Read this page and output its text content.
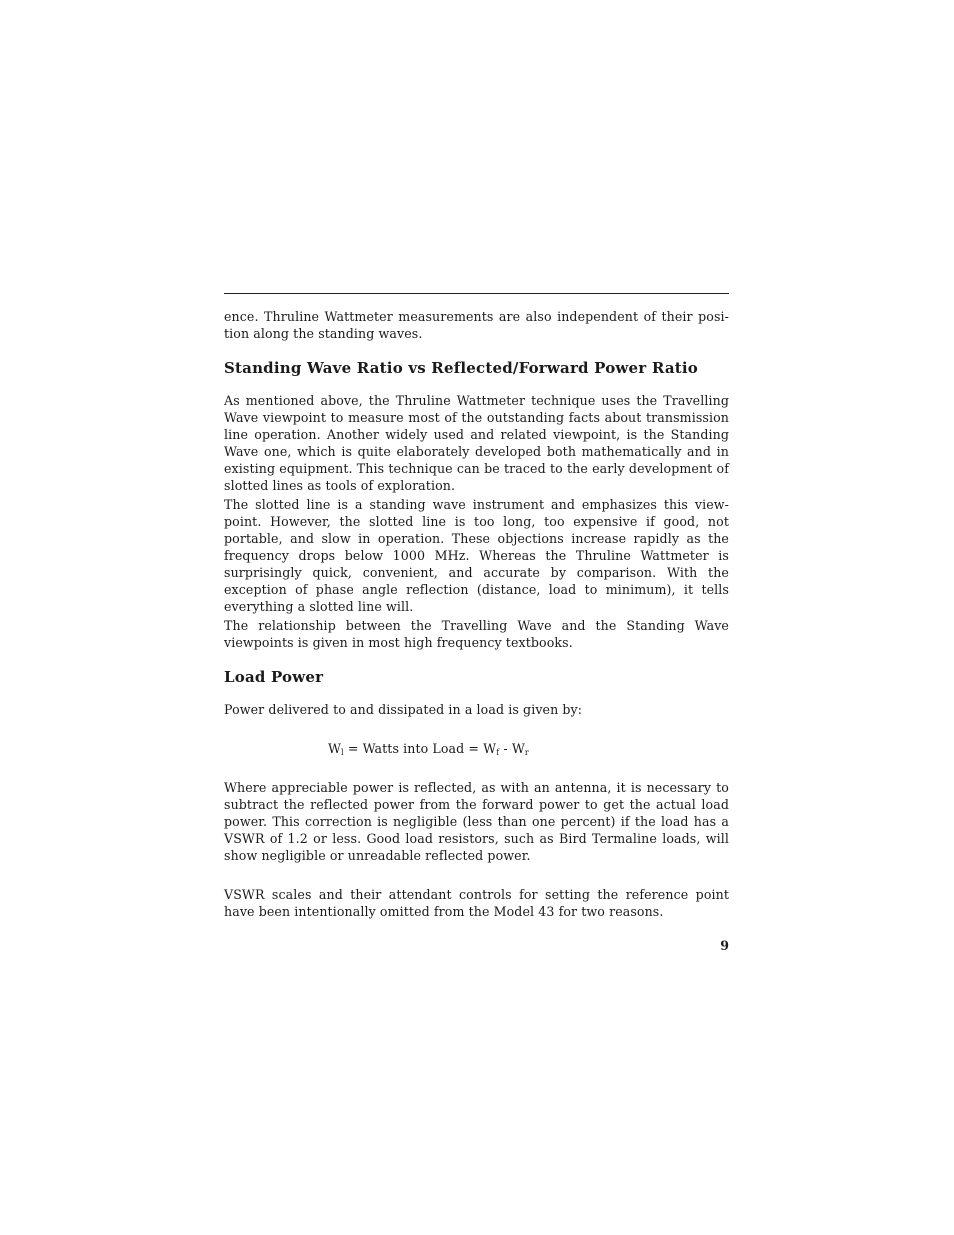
ence. Thruline Wattmeter measurements are also independent of their posi-tion along the standing waves.

Standing Wave Ratio vs Reflected/Forward Power Ratio

As mentioned above, the Thruline Wattmeter technique uses the Travelling Wave viewpoint to measure most of the outstanding facts about transmission line operation. Another widely used and related viewpoint, is the Standing Wave one, which is quite elaborately developed both mathematically and in existing equipment. This technique can be traced to the early development of slotted lines as tools of exploration.

The slotted line is a standing wave instrument and emphasizes this view-point. However, the slotted line is too long, too expensive if good, not portable, and slow in operation. These objections increase rapidly as the frequency drops below 1000 MHz. Whereas the Thruline Wattmeter is surprisingly quick, convenient, and accurate by comparison. With the exception of phase angle reflection (distance, load to minimum), it tells everything a slotted line will.

The relationship between the Travelling Wave and the Standing Wave viewpoints is given in most high frequency textbooks.

Load Power

Power delivered to and dissipated in a load is given by:

$W_l$ = Watts into Load = $W_f - W_r$

Where appreciable power is reflected, as with an antenna, it is necessary to subtract the reflected power from the forward power to get the actual load power. This correction is negligible (less than one percent) if the load has a VSWR of 1.2 or less. Good load resistors, such as Bird Termaline loads, will show negligible or unreadable reflected power.

VSWR scales and their attendant controls for setting the reference point have been intentionally omitted from the Model 43 for two reasons.

9
